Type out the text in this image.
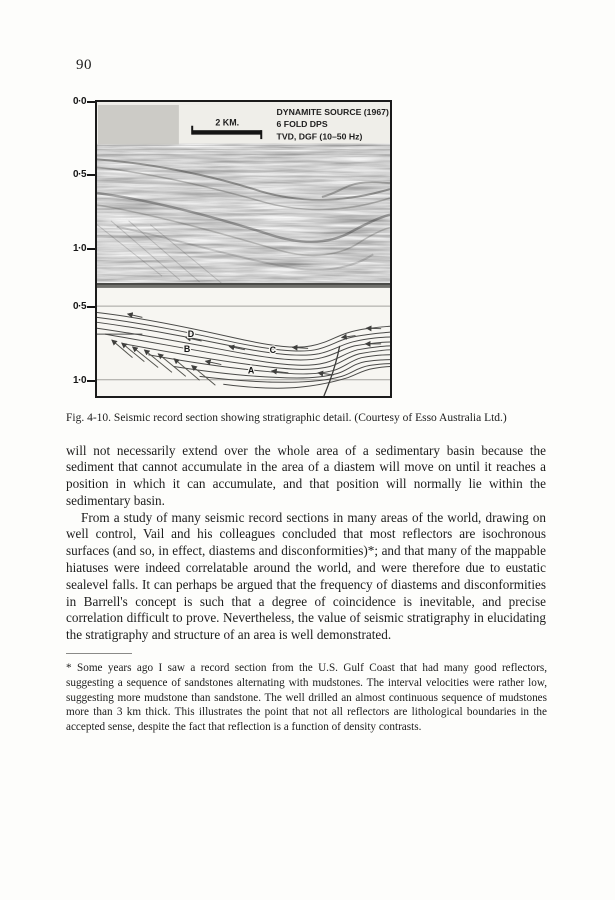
90
0·0
0·5
1·0
0·5
1·0
2 KM.
DYNAMITE SOURCE (1967)
6 FOLD DPS
TVD, DGF (10–50 Hz)
D
B	C
A
Fig. 4-10. Seismic record section showing stratigraphic detail. (Courtesy of Esso Australia Ltd.)

will not necessarily extend over the whole area of a sedimentary basin because the sediment that cannot accumulate in the area of a diastem will move on until it reaches a position in which it can accumulate, and that position will normally lie within the sedimentary basin.

From a study of many seismic record sections in many areas of the world, drawing on well control, Vail and his colleagues concluded that most reflectors are isochronous surfaces (and so, in effect, diastems and disconformities)*; and that many of the mappable hiatuses were indeed correlatable around the world, and were therefore due to eustatic sealevel falls. It can perhaps be argued that the frequency of diastems and disconformities in Barrell's concept is such that a degree of coincidence is inevitable, and precise correlation difficult to prove. Nevertheless, the value of seismic stratigraphy in elucidating the stratigraphy and structure of an area is well demonstrated.

* Some years ago I saw a record section from the U.S. Gulf Coast that had many good reflectors, suggesting a sequence of sandstones alternating with mudstones. The interval velocities were rather low, suggesting more mudstone than sandstone. The well drilled an almost continuous sequence of mudstones more than 3 km thick. This illustrates the point that not all reflectors are lithological boundaries in the accepted sense, despite the fact that reflection is a function of density contrasts.
